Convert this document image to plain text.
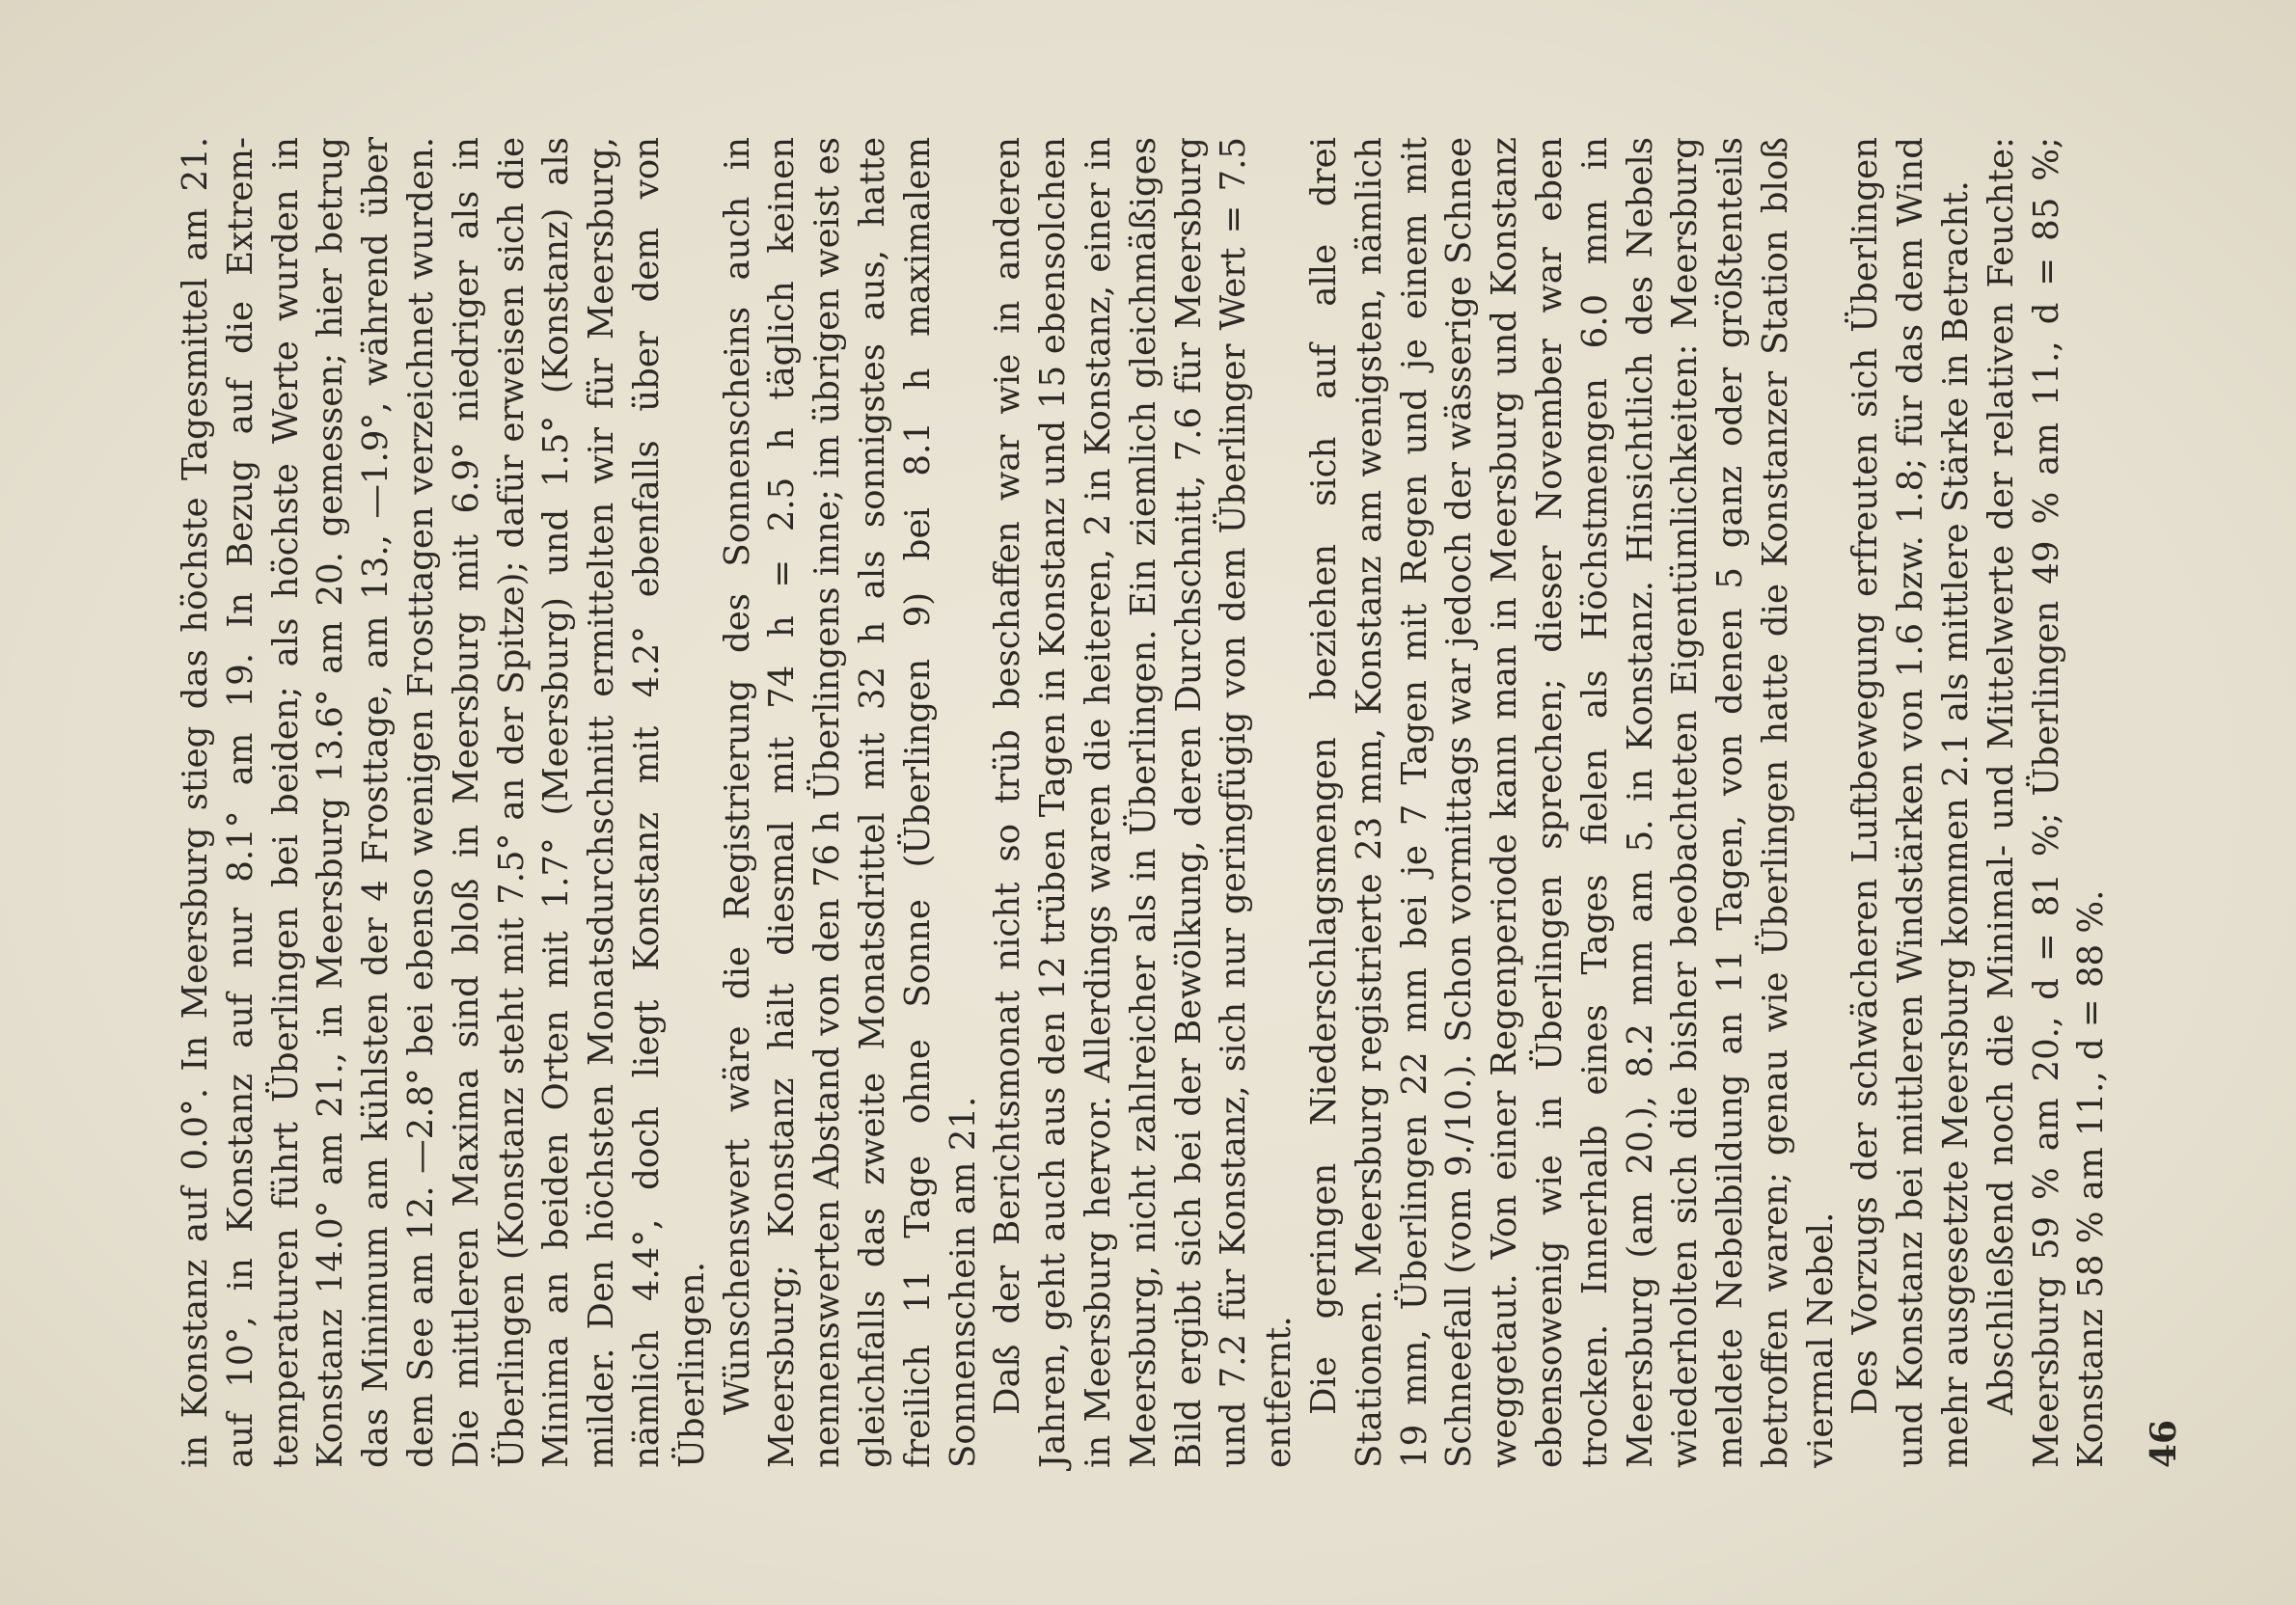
in Konstanz auf 0.0°. In Meersburg stieg das höchste Tagesmittel am 21. auf 10°, in Konstanz auf nur 8.1° am 19. In Bezug auf die Extrem-temperaturen führt Überlingen bei beiden; als höchste Werte wurden in Konstanz 14.0° am 21., in Meersburg 13.6° am 20. gemessen; hier betrug das Minimum am kühlsten der 4 Frosttage, am 13., —1.9°, während über dem See am 12. —2.8° bei ebenso wenigen Frosttagen verzeichnet wurden. Die mittleren Maxima sind bloß in Meersburg mit 6.9° niedriger als in Überlingen (Konstanz steht mit 7.5° an der Spitze); dafür erweisen sich die Minima an beiden Orten mit 1.7° (Meersburg) und 1.5° (Konstanz) als milder. Den höchsten Monatsdurchschnitt ermittelten wir für Meersburg, nämlich 4.4°, doch liegt Konstanz mit 4.2° ebenfalls über dem von Überlingen. Wünschenswert wäre die Registrierung des Sonnenscheins auch in Meersburg; Konstanz hält diesmal mit 74 h = 2.5 h täglich keinen nennenswerten Abstand von den 76 h Überlingens inne; im übrigen weist es gleichfalls das zweite Monatsdrittel mit 32 h als sonnigstes aus, hatte freilich 11 Tage ohne Sonne (Überlingen 9) bei 8.1 h maximalem Sonnenschein am 21. Daß der Berichtsmonat nicht so trüb beschaffen war wie in anderen Jahren, geht auch aus den 12 trüben Tagen in Konstanz und 15 ebensolchen in Meersburg hervor. Allerdings waren die heiteren, 2 in Konstanz, einer in Meersburg, nicht zahlreicher als in Überlingen. Ein ziemlich gleichmäßiges Bild ergibt sich bei der Bewölkung, deren Durchschnitt, 7.6 für Meersburg und 7.2 für Konstanz, sich nur geringfügig von dem Überlinger Wert = 7.5 entfernt. Die geringen Niederschlagsmengen beziehen sich auf alle drei Stationen. Meersburg registrierte 23 mm, Konstanz am wenigsten, nämlich 19 mm, Überlingen 22 mm bei je 7 Tagen mit Regen und je einem mit Schneefall (vom 9./10.). Schon vormittags war jedoch der wässerige Schnee weggetaut. Von einer Regenperiode kann man in Meersburg und Konstanz ebensowenig wie in Überlingen sprechen; dieser November war eben trocken. Innerhalb eines Tages fielen als Höchstmengen 6.0 mm in Meersburg (am 20.), 8.2 mm am 5. in Konstanz. Hinsichtlich des Nebels wiederholten sich die bisher beobachteten Eigentümlichkeiten: Meersburg meldete Nebelbildung an 11 Tagen, von denen 5 ganz oder größtenteils betroffen waren; genau wie Überlingen hatte die Konstanzer Station bloß viermal Nebel. Des Vorzugs der schwächeren Luftbewegung erfreuten sich Überlingen und Konstanz bei mittleren Windstärken von 1.6 bzw. 1.8; für das dem Wind mehr ausgesetzte Meersburg kommen 2.1 als mittlere Stärke in Betracht. Abschließend noch die Minimal- und Mittelwerte der relativen Feuchte: Meersburg 59 % am 20., d = 81 %; Überlingen 49 % am 11., d = 85 %; Konstanz 58 % am 11., d = 88 %. 46
